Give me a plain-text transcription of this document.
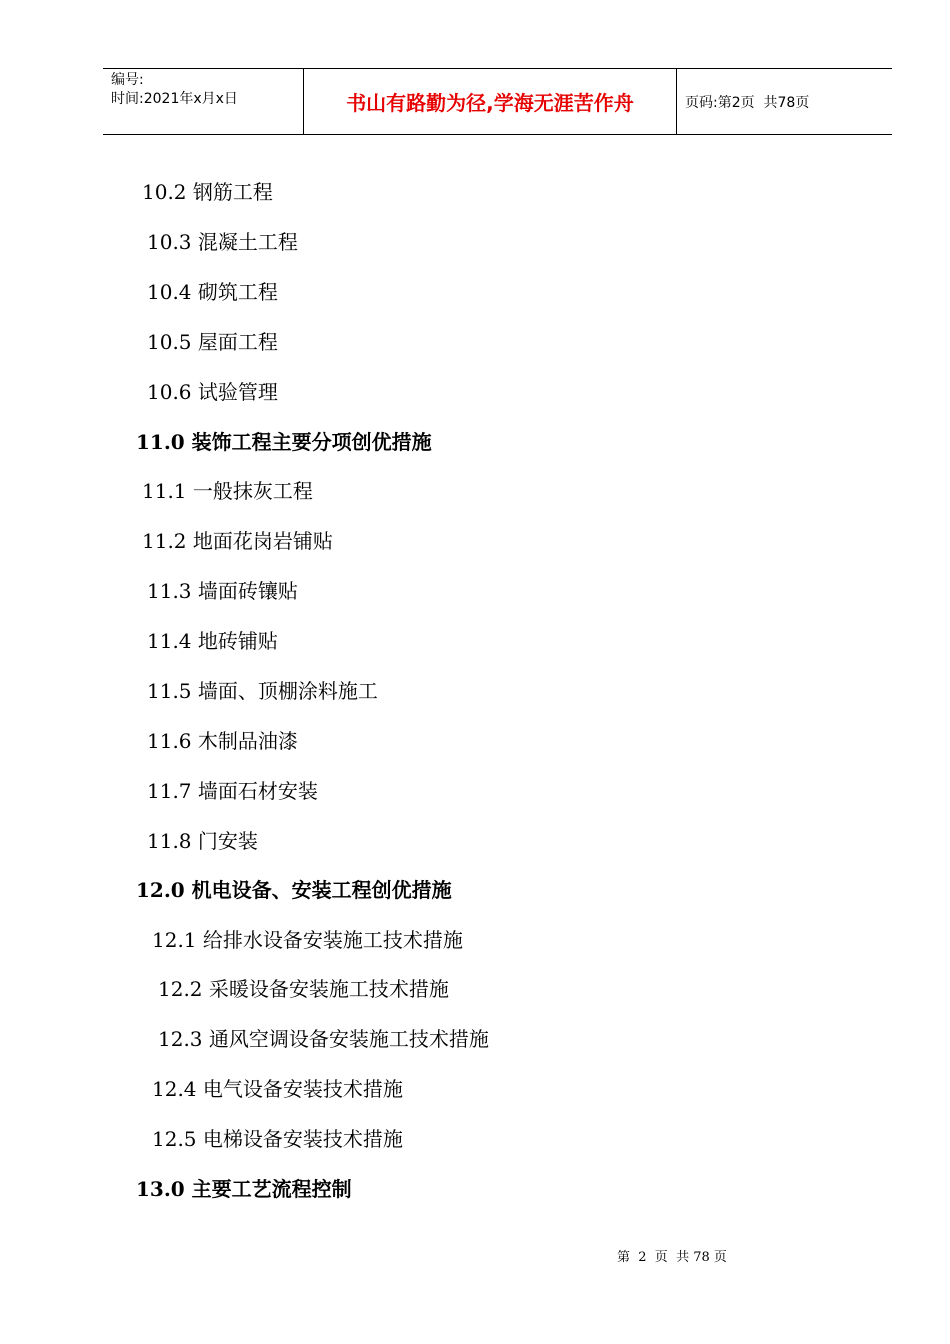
编号:
时间:2021年x月x日	书山有路勤为径,学海无涯苦作舟	页码:第2页  共78页
10.2 钢筋工程
10.3 混凝土工程
10.4 砌筑工程
10.5 屋面工程
10.6 试验管理
11.0 装饰工程主要分项创优措施
11.1 一般抹灰工程
11.2 地面花岗岩铺贴
11.3 墙面砖镶贴
11.4 地砖铺贴
11.5 墙面、顶棚涂料施工
11.6 木制品油漆
11.7 墙面石材安装
11.8 门安装
12.0 机电设备、安装工程创优措施
12.1 给排水设备安装施工技术措施
12.2 采暖设备安装施工技术措施
12.3 通风空调设备安装施工技术措施
12.4 电气设备安装技术措施
12.5 电梯设备安装技术措施
13.0 主要工艺流程控制
第  2  页  共 78 页
